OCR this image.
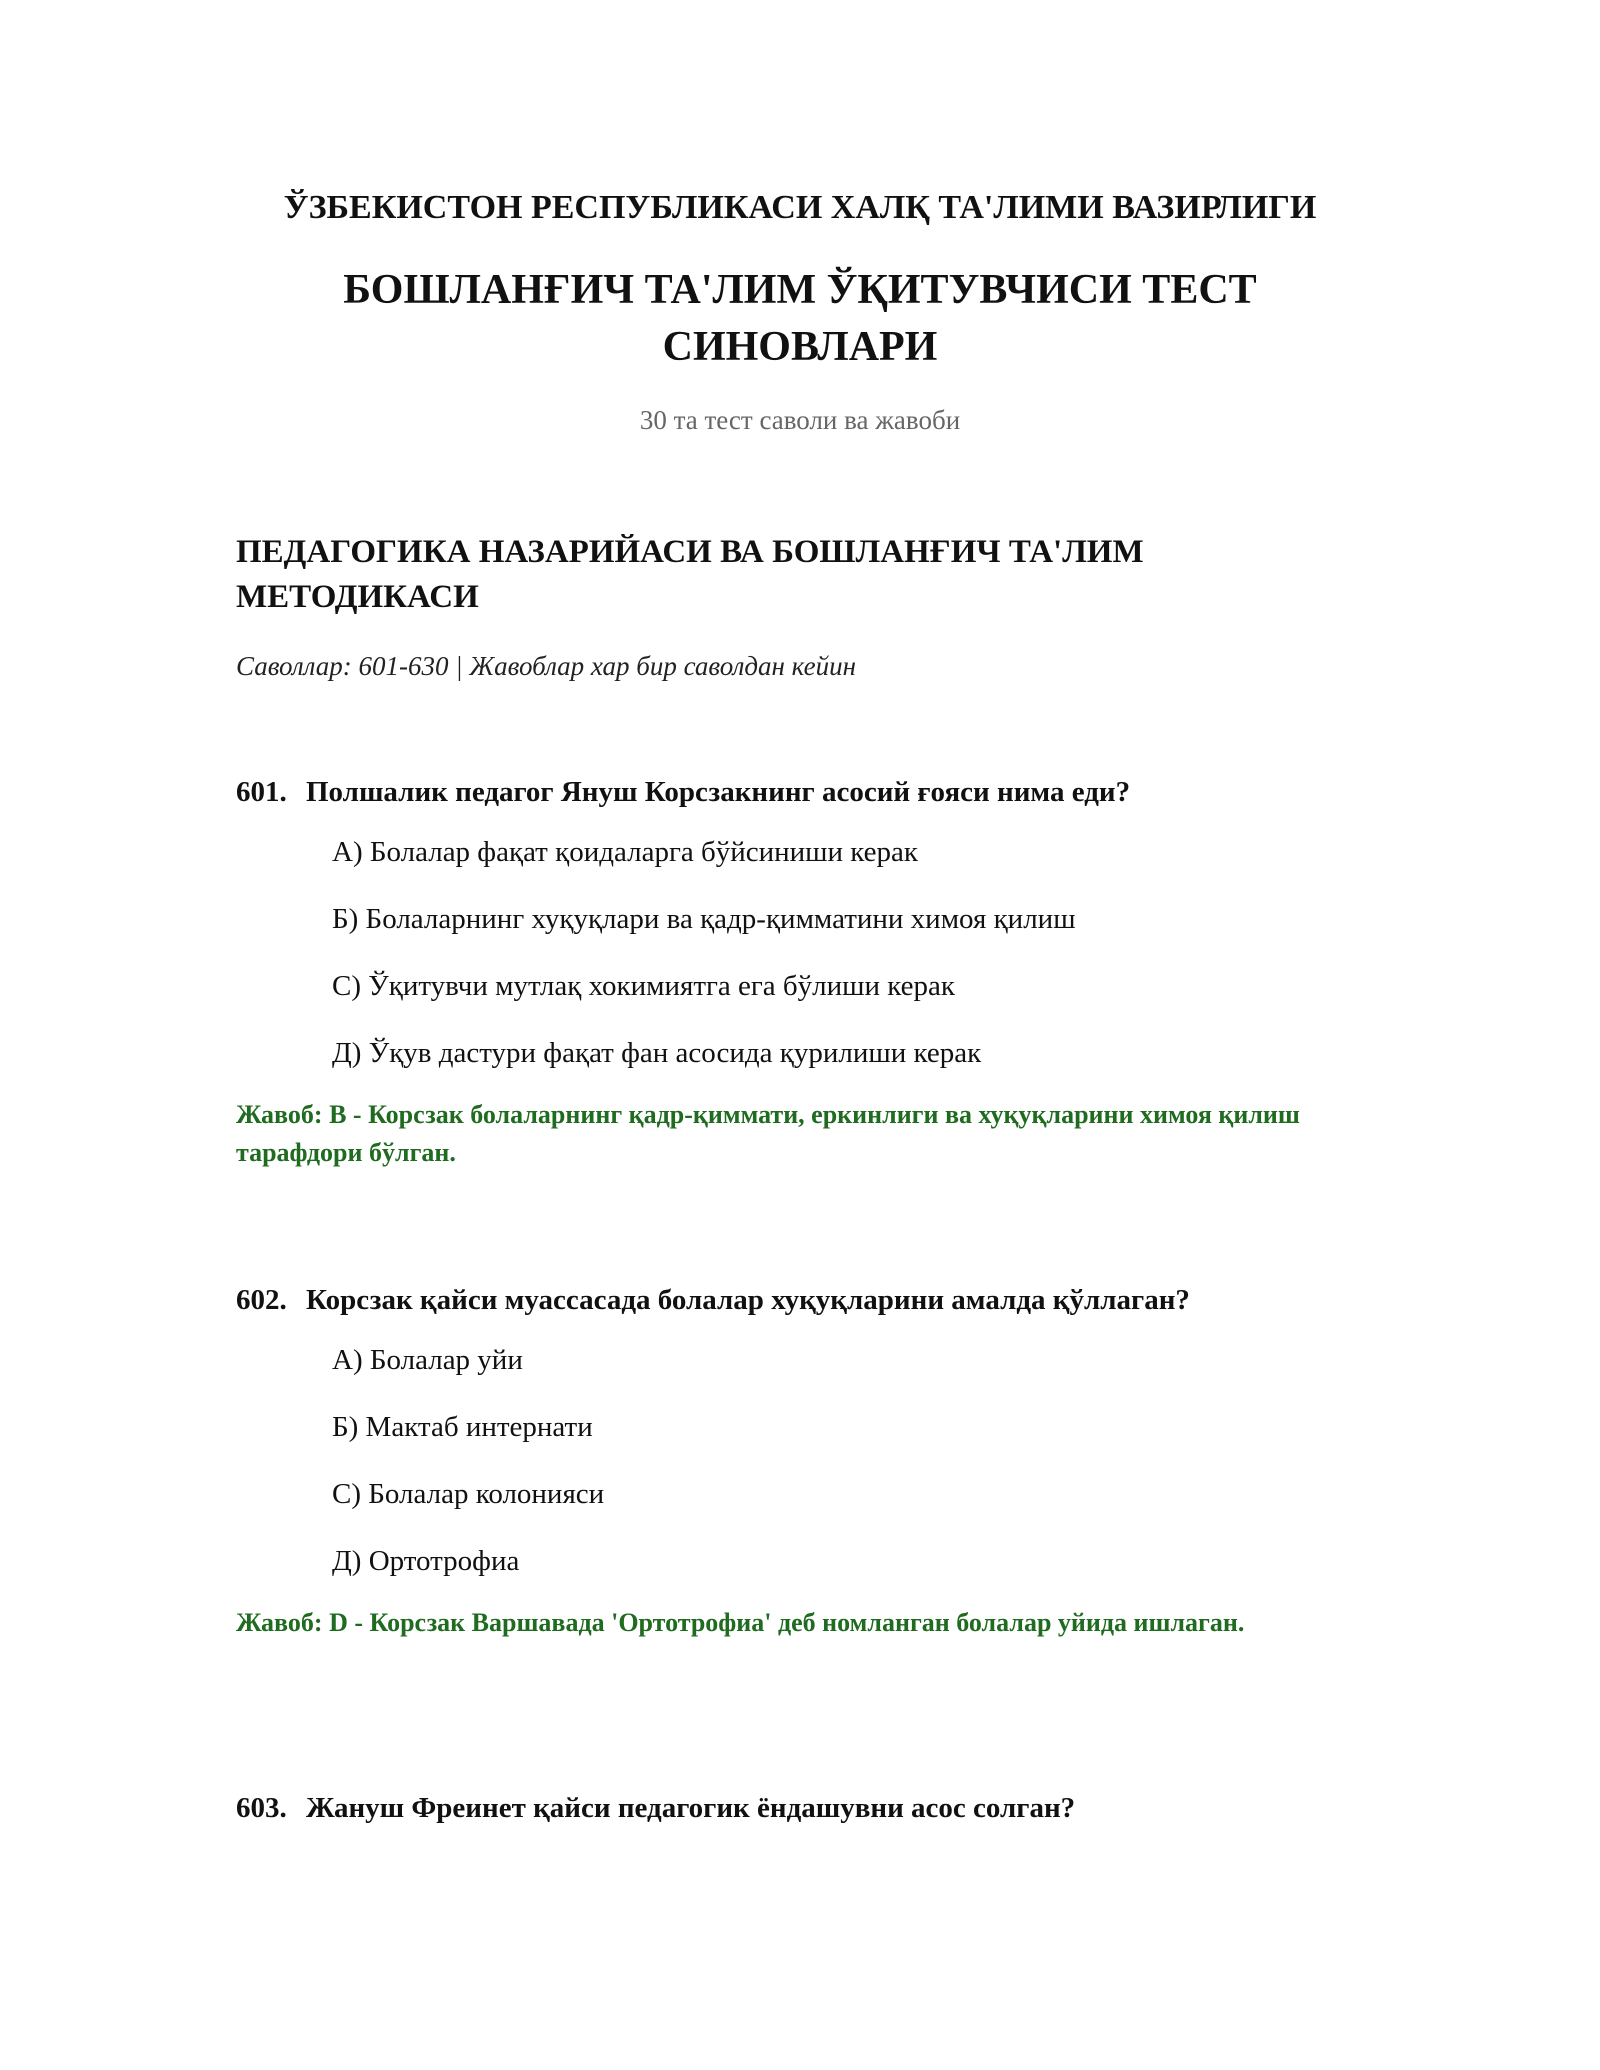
ЎЗБЕКИСТОН РЕСПУБЛИКАСИ ХАЛҚ ТА'ЛИМИ ВАЗИРЛИГИ
БОШЛАНҒИЧ ТА'ЛИМ ЎҚИТУВЧИСИ ТЕСТ СИНОВЛАРИ
30 та тест саволи ва жавоби
ПЕДАГОГИКА НАЗАРИЙАСИ ВА БОШЛАНҒИЧ ТА'ЛИМ МЕТОДИКАСИ
Саволлар: 601-630 | Жавоблар хар бир саволдан кейин
601. Полшалик педагог Януш Корсзакнинг асосий ғояси нима еди?
А) Болалар фақат қоидаларга бўйсиниши керак
Б) Болаларнинг хуқуқлари ва қадр-қимматини химоя қилиш
С) Ўқитувчи мутлақ хокимиятга ега бўлиши керак
Д) Ўқув дастури фақат фан асосида қурилиши керак
Жавоб: B - Корсзак болаларнинг қадр-қиммати, еркинлиги ва хуқуқларини химоя қилиш тарафдори бўлган.
602. Корсзак қайси муассасада болалар хуқуқларини амалда қўллаган?
А) Болалар уйи
Б) Мактаб интернати
С) Болалар колонияси
Д) Ортотрофиа
Жавоб: D - Корсзак Варшавада 'Ортотрофиа' деб номланган болалар уйида ишлаган.
603. Жануш Фреинет қайси педагогик ёндашувни асос солган?
